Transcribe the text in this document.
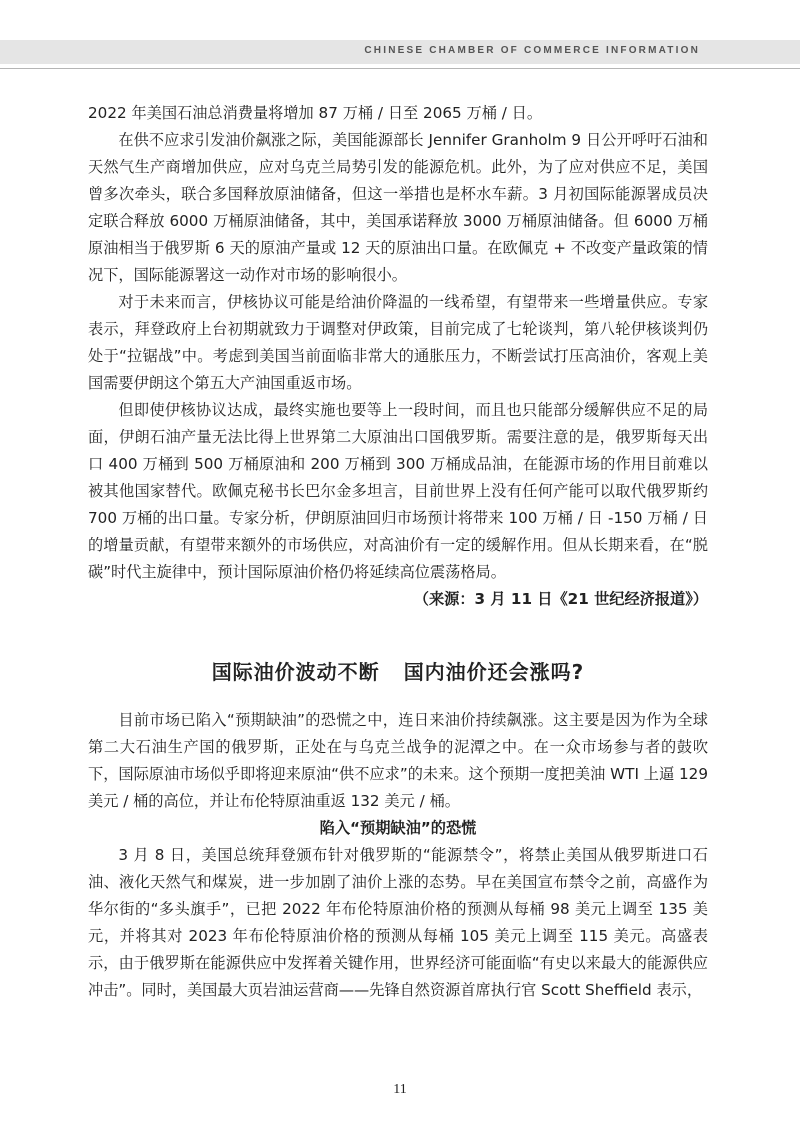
CHINESE CHAMBER OF COMMERCE INFORMATION

2022 年美国石油总消费量将增加 87 万桶 / 日至 2065 万桶 / 日。

在供不应求引发油价飙涨之际，美国能源部长 Jennifer Granholm 9 日公开呼吁石油和天然气生产商增加供应，应对乌克兰局势引发的能源危机。此外，为了应对供应不足，美国曾多次牵头，联合多国释放原油储备，但这一举措也是杯水车薪。3 月初国际能源署成员决定联合释放 6000 万桶原油储备，其中，美国承诺释放 3000 万桶原油储备。但 6000 万桶原油相当于俄罗斯 6 天的原油产量或 12 天的原油出口量。在欧佩克 + 不改变产量政策的情况下，国际能源署这一动作对市场的影响很小。

对于未来而言，伊核协议可能是给油价降温的一线希望，有望带来一些增量供应。专家表示，拜登政府上台初期就致力于调整对伊政策，目前完成了七轮谈判，第八轮伊核谈判仍处于“拉锯战”中。考虑到美国当前面临非常大的通胀压力，不断尝试打压高油价，客观上美国需要伊朗这个第五大产油国重返市场。

但即使伊核协议达成，最终实施也要等上一段时间，而且也只能部分缓解供应不足的局面，伊朗石油产量无法比得上世界第二大原油出口国俄罗斯。需要注意的是，俄罗斯每天出口 400 万桶到 500 万桶原油和 200 万桶到 300 万桶成品油，在能源市场的作用目前难以被其他国家替代。欧佩克秘书长巴尔金多坦言，目前世界上没有任何产能可以取代俄罗斯约 700 万桶的出口量。专家分析，伊朗原油回归市场预计将带来 100 万桶 / 日 -150 万桶 / 日的增量贡献，有望带来额外的市场供应，对高油价有一定的缓解作用。但从长期来看，在“脱碳”时代主旋律中，预计国际原油价格仍将延续高位震荡格局。

（来源：3 月 11 日《21 世纪经济报道》）

国际油价波动不断 国内油价还会涨吗?

目前市场已陷入“预期缺油”的恐慌之中，连日来油价持续飙涨。这主要是因为作为全球第二大石油生产国的俄罗斯，正处在与乌克兰战争的泥潭之中。在一众市场参与者的鼓吹下，国际原油市场似乎即将迎来原油“供不应求”的未来。这个预期一度把美油 WTI 上逼 129 美元 / 桶的高位，并让布伦特原油重返 132 美元 / 桶。

陷入“预期缺油”的恐慌

3 月 8 日，美国总统拜登颁布针对俄罗斯的“能源禁令”，将禁止美国从俄罗斯进口石油、液化天然气和煤炭，进一步加剧了油价上涨的态势。早在美国宣布禁令之前，高盛作为华尔街的“多头旗手”，已把 2022 年布伦特原油价格的预测从每桶 98 美元上调至 135 美元，并将其对 2023 年布伦特原油价格的预测从每桶 105 美元上调至 115 美元。高盛表示，由于俄罗斯在能源供应中发挥着关键作用，世界经济可能面临“有史以来最大的能源供应冲击”。同时，美国最大页岩油运营商——先锋自然资源首席执行官 Scott Sheffield 表示，

11
